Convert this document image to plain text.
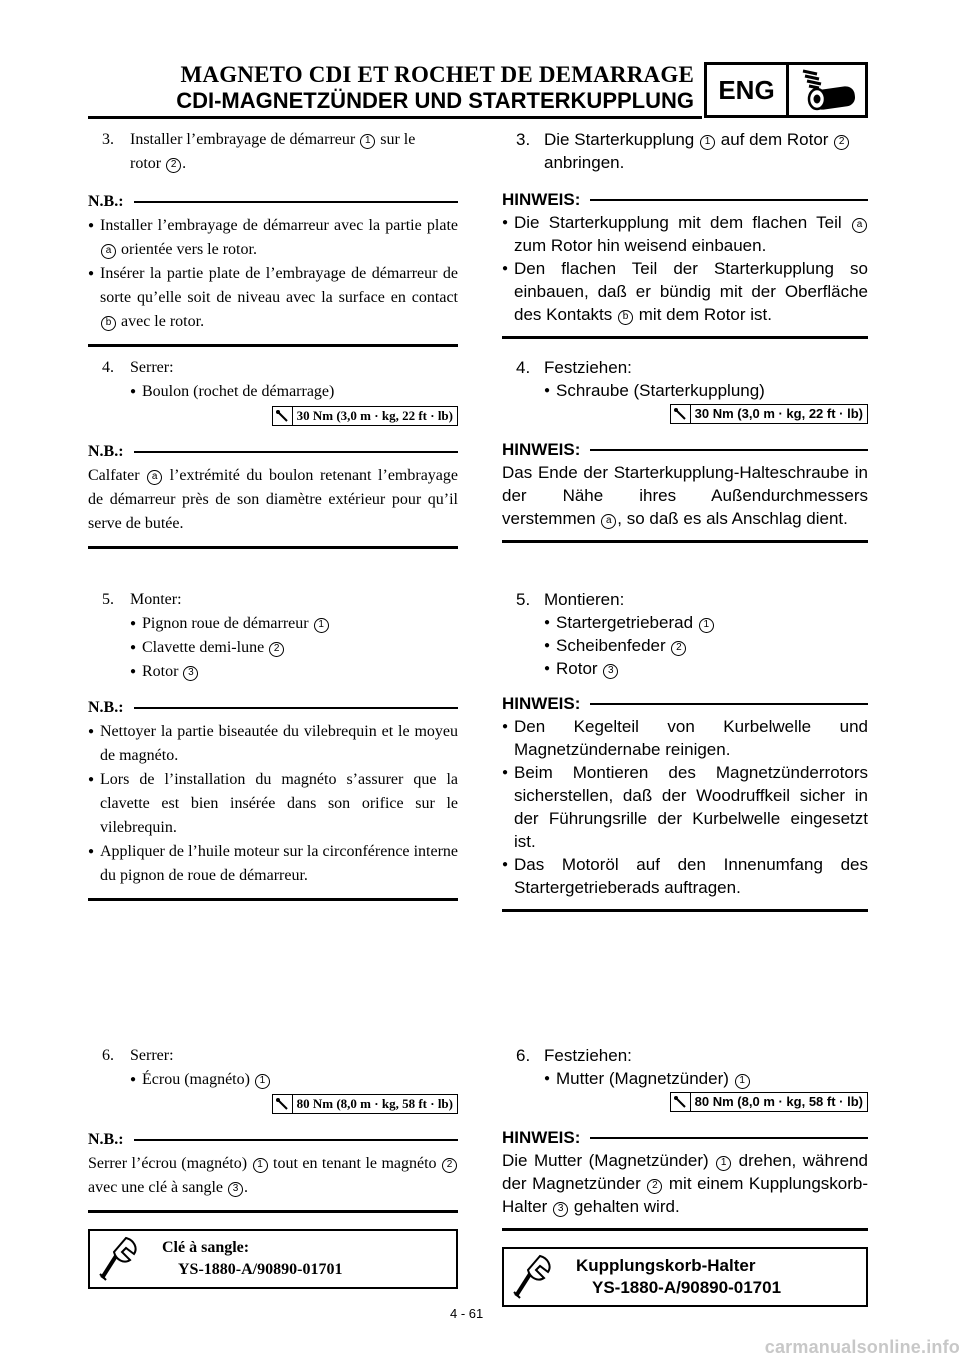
MAGNETO CDI ET ROCHET DE DEMARRAGE
CDI-MAGNETZÜNDER UND STARTERKUPPLUNG ENG
3. Installer l’embrayage de démarreur 1 sur le
rotor 2 .
N.B.:
● Installer l’embrayage de démarreur avec la partie plate a orientée vers le rotor.
● Insérer la partie plate de l’embrayage de démarreur de sorte qu’elle soit de niveau avec la surface en contact b avec le rotor.
4. Serrer:
● Boulon (rochet de démarrage)
30 Nm (3,0 m · kg, 22 ft · lb)
N.B.:
Calfater a l’extrémité du boulon retenant l’embrayage de démarreur près de son diamètre extérieur pour qu’il serve de butée.
5. Monter:
● Pignon roue de démarreur 1
● Clavette demi-lune 2
● Rotor 3
N.B.:
● Nettoyer la partie biseautée du vilebrequin et le moyeu de magnéto.
● Lors de l’installation du magnéto s’assurer que la clavette est bien insérée dans son orifice sur le vilebrequin.
● Appliquer de l’huile moteur sur la circonférence interne du pignon de roue de démarreur.
6. Serrer:
● Écrou (magnéto) 1
80 Nm (8,0 m · kg, 58 ft · lb)
N.B.:
Serrer l’écrou (magnéto) 1 tout en tenant le magnéto 2 avec une clé à sangle 3 .
Clé à sangle:
YS-1880-A/90890-01701
3. Die Starterkupplung 1 auf dem Rotor 2
anbringen.
HINWEIS:
● Die Starterkupplung mit dem flachen Teil a zum Rotor hin weisend einbauen.
● Den flachen Teil der Starterkupplung so einbauen, daß er bündig mit der Oberfläche des Kontakts b mit dem Rotor ist.
4. Festziehen:
● Schraube (Starterkupplung)
30 Nm (3,0 m · kg, 22 ft · lb)
HINWEIS:
Das Ende der Starterkupplung-Halteschraube in der Nähe ihres Außendurchmessers verstemmen a , so daß es als Anschlag dient.
5. Montieren:
● Startergetrieberad 1
● Scheibenfeder 2
● Rotor 3
HINWEIS:
● Den Kegelteil von Kurbelwelle und Magnetzündernabe reinigen.
● Beim Montieren des Magnetzünderrotors sicherstellen, daß der Woodruffkeil sicher in der Führungsrille der Kurbelwelle eingesetzt ist.
● Das Motoröl auf den Innenumfang des Startergetrieberads auftragen.
6. Festziehen:
● Mutter (Magnetzünder) 1
80 Nm (8,0 m · kg, 58 ft · lb)
HINWEIS:
Die Mutter (Magnetzünder) 1 drehen, während der Magnetzünder 2 mit einem Kupplungskorb-Halter 3 gehalten wird.
Kupplungskorb-Halter
YS-1880-A/90890-01701
4 - 61
carmanualsonline.info
